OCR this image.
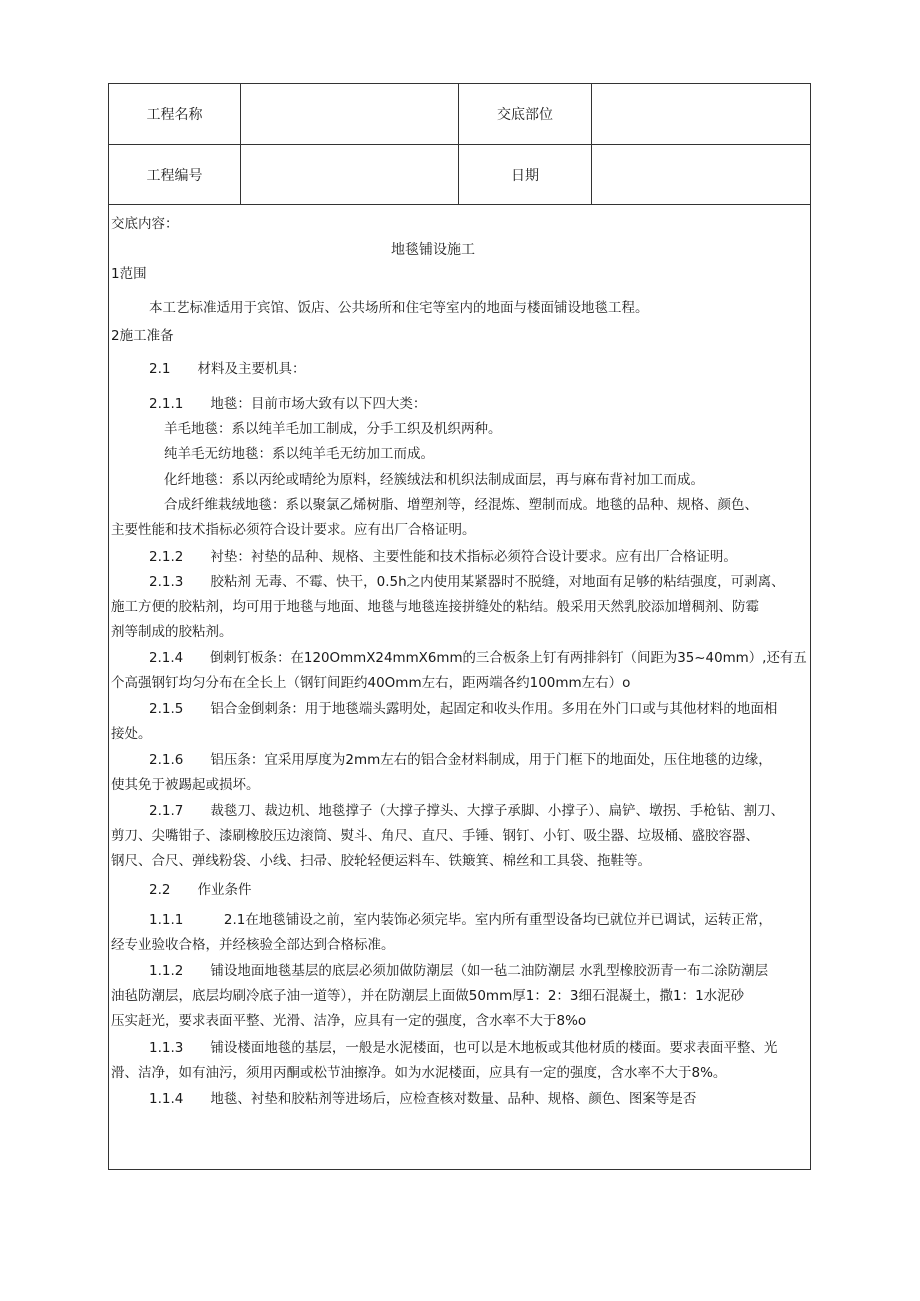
工程名称	交底部位
工程编号	日期
交底内容：
地毯铺设施工
1范围
本工艺标准适用于宾馆、饭店、公共场所和住宅等室内的地面与楼面铺设地毯工程。
2施工准备
2.1　　材料及主要机具：
2.1.1　　地毯：目前市场大致有以下四大类：
羊毛地毯：系以纯羊毛加工制成，分手工织及机织两种。
纯羊毛无纺地毯：系以纯羊毛无纺加工而成。
化纤地毯：系以丙纶或晴纶为原料，经簇绒法和机织法制成面层，再与麻布背衬加工而成。
合成纤维栽绒地毯：系以聚氯乙烯树脂、增塑剂等，经混炼、塑制而成。地毯的品种、规格、颜色、
主要性能和技术指标必须符合设计要求。应有出厂合格证明。
2.1.2　　衬垫：衬垫的品种、规格、主要性能和技术指标必须符合设计要求。应有出厂合格证明。
2.1.3　　胶粘剂 无毒、不霉、快干，0.5h之内使用某紧器时不脱缝，对地面有足够的粘结强度，可剥离、
施工方便的胶粘剂，均可用于地毯与地面、地毯与地毯连接拼缝处的粘结。般采用天然乳胶添加增稠剂、防霉
剂等制成的胶粘剂。
2.1.4　　倒刺钉板条：在120OmmX24mmX6mm的三合板条上钉有两排斜钉（间距为35~40mm）,还有五
个高强钢钉均匀分布在全长上（钢钉间距约40Omm左右，距两端各约100mm左右）o
2.1.5　　铝合金倒刺条：用于地毯端头露明处，起固定和收头作用。多用在外门口或与其他材料的地面相
接处。
2.1.6　　铝压条：宜采用厚度为2mm左右的铝合金材料制成，用于门框下的地面处，压住地毯的边缘，
使其免于被踢起或损坏。
2.1.7　　裁毯刀、裁边机、地毯撑子（大撑子撑头、大撑子承脚、小撑子）、扁铲、墩拐、手枪钻、割刀、
剪刀、尖嘴钳子、漆刷橡胶压边滚筒、熨斗、角尺、直尺、手锤、钢钉、小钉、吸尘器、垃圾桶、盛胶容器、
钢尺、合尺、弹线粉袋、小线、扫帚、胶轮轻便运料车、铁簸箕、棉丝和工具袋、拖鞋等。
2.2　　作业条件
1.1.1　　　2.1在地毯铺设之前，室内装饰必须完毕。室内所有重型设备均已就位并已调试，运转正常，
经专业验收合格，并经核验全部达到合格标准。
1.1.2　　铺设地面地毯基层的底层必须加做防潮层（如一毡二油防潮层 水乳型橡胶沥青一布二涂防潮层
油毡防潮层，底层均刷冷底子油一道等），并在防潮层上面做50mm厚1：2：3细石混凝土，撒1：1水泥砂
压实赶光，要求表面平整、光滑、洁净，应具有一定的强度，含水率不大于8%o
1.1.3　　铺设楼面地毯的基层，一般是水泥楼面，也可以是木地板或其他材质的楼面。要求表面平整、光
滑、洁净，如有油污，须用丙酮或松节油擦净。如为水泥楼面，应具有一定的强度，含水率不大于8%。
1.1.4　　地毯、衬垫和胶粘剂等进场后，应检查核对数量、品种、规格、颜色、图案等是否
